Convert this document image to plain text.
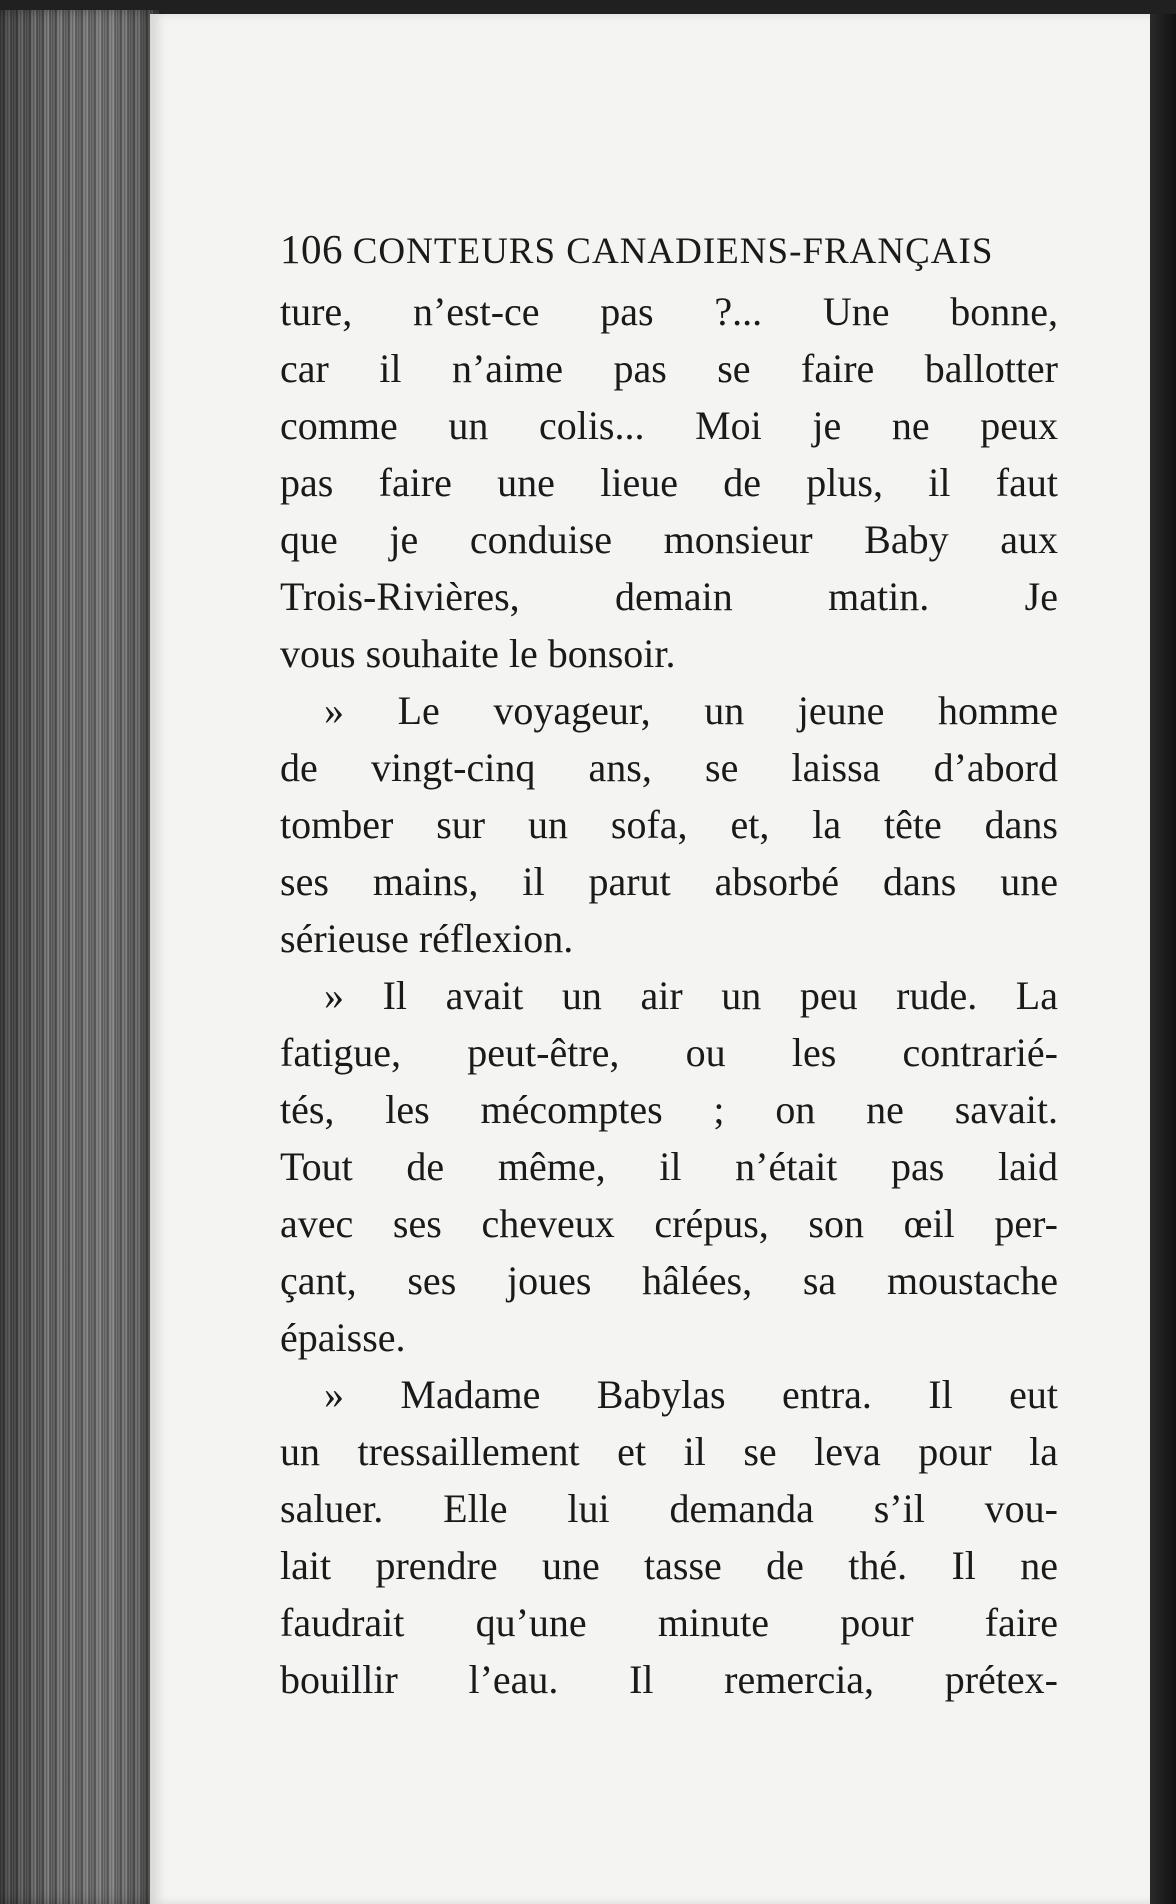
106 CONTEURS CANADIENS-FRANÇAIS
ture, n’est-ce pas ?... Une bonne,
car il n’aime pas se faire ballotter
comme un colis... Moi je ne peux
pas faire une lieue de plus, il faut
que je conduise monsieur Baby aux
Trois-Rivières, demain matin. Je
vous souhaite le bonsoir.
» Le voyageur, un jeune homme
de vingt-cinq ans, se laissa d’abord
tomber sur un sofa, et, la tête dans
ses mains, il parut absorbé dans une
sérieuse réflexion.
» Il avait un air un peu rude. La
fatigue, peut-être, ou les contrarié-
tés, les mécomptes ; on ne savait.
Tout de même, il n’était pas laid
avec ses cheveux crépus, son œil per-
çant, ses joues hâlées, sa moustache
épaisse.
» Madame Babylas entra. Il eut
un tressaillement et il se leva pour la
saluer. Elle lui demanda s’il vou-
lait prendre une tasse de thé. Il ne
faudrait qu’une minute pour faire
bouillir l’eau. Il remercia, prétex-
